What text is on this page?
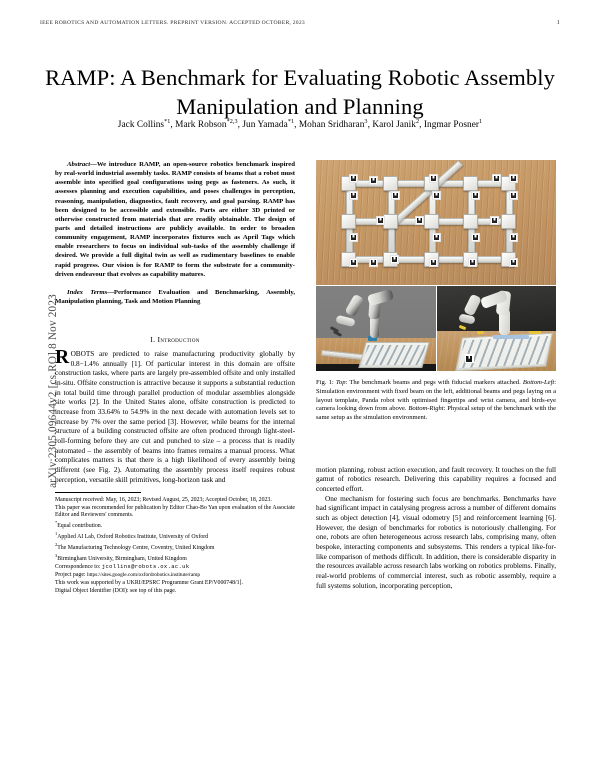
arXiv:2305.09644v2 [cs.RO] 8 Nov 2023
IEEE ROBOTICS AND AUTOMATION LETTERS. PREPRINT VERSION. ACCEPTED OCTOBER, 2023	1
RAMP: A Benchmark for Evaluating Robotic Assembly Manipulation and Planning
Jack Collins$^{*1}$, Mark Robson$^{*2,3}$, Jun Yamada$^{*1}$, Mohan Sridharan$^3$, Karol Janik$^2$, Ingmar Posner$^1$

Abstract—We introduce RAMP, an open-source robotics benchmark inspired by real-world industrial assembly tasks. RAMP consists of beams that a robot must assemble into specified goal configurations using pegs as fasteners. As such, it assesses planning and execution capabilities, and poses challenges in perception, reasoning, manipulation, diagnostics, fault recovery, and goal parsing. RAMP has been designed to be accessible and extensible. Parts are either 3D printed or otherwise constructed from materials that are readily obtainable. The design of parts and detailed instructions are publicly available. In order to broaden community engagement, RAMP incorporates fixtures such as April Tags which enable researchers to focus on individual sub-tasks of the assembly challenge if desired. We provide a full digital twin as well as rudimentary baselines to enable rapid progress. Our vision is for RAMP to form the substrate for a community-driven endeavour that evolves as capability matures.

Index Terms—Performance Evaluation and Benchmarking, Assembly, Manipulation planning, Task and Motion Planning

I. Introduction

ROBOTS are predicted to raise manufacturing productivity globally by 0.8−1.4% annually [1]. Of particular interest in this domain are offsite construction tasks, where parts are largely pre-assembled offsite and only installed in-situ. Offsite construction is attractive because it supports a substantial reduction in total build time through parallel production of modular assemblies alongside site works [2]. In the United States alone, offsite construction is predicted to increase from 33.64% to 54.9% in the next decade with automation levels set to increase by 7% over the same period [3]. However, while beams for the internal structure of a building constructed offsite are often produced through light-steel-roll-forming before they are cut and punched to size – a process that is readily automated – the assembly of beams into frames remains a manual process. What complicates matters is that there is a high likelihood of every assembly being different (see Fig. 2). Automating the assembly process itself requires robust perception, versatile skill primitives, long-horizon task and

Manuscript received: May, 16, 2023; Revised August, 25, 2023; Accepted October, 18, 2023.

This paper was recommended for publication by Editor Chao-Bo Yan upon evaluation of the Associate Editor and Reviewers' comments.

*Equal contribution.

$^1$Applied AI Lab, Oxford Robotics Institute, University of Oxford

$^2$The Manufacturing Technology Centre, Coventry, United Kingdom

$^3$Birmingham University, Birmingham, United Kingdom

Correspondence to: jcollins@robots.ox.ac.uk

Project page: https://sites.google.com/oxfordrobotics.institute/ramp

This work was supported by a UKRI/EPSRC Programme Grant EP/V000748/1].

Digital Object Identifier (DOI): see top of this page.

Fig. 1: Top: The benchmark beams and pegs with fiducial markers attached. Bottom-Left: Simulation environment with fixed beam on the left, additional beams and pegs laying on a layout template, Panda robot with optimised fingertips and wrist camera, and birds-eye camera looking down from above. Bottom-Right: Physical setup of the benchmark with the same setup as the simulation environment.

motion planning, robust action execution, and fault recovery. It touches on the full gamut of robotics research. Delivering this capability requires a focused and concerted effort.

One mechanism for fostering such focus are benchmarks. Benchmarks have had significant impact in catalysing progress across a number of different domains such as object detection [4], visual odometry [5] and reinforcement learning [6]. However, the design of benchmarks for robotics is notoriously challenging. For one, robots are often heterogeneous across research labs, comprising many, often bespoke, interacting components and subsystems. This renders a typical like-for-like comparison of methods difficult. In addition, there is considerable disparity in the resources available across research labs working on robotics problems. Finally, real-world problems of commercial interest, such as robotic assembly, require a full systems solution, incorporating perception,
